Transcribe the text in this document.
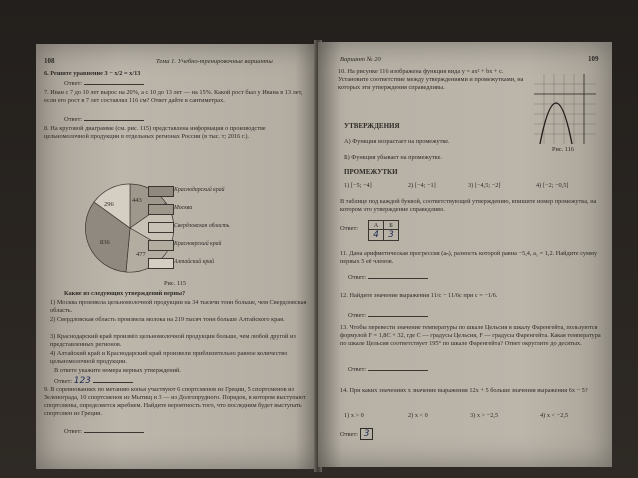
108	Тема 1. Учебно-тренировочные варианты
6. Решите уравнение 3 − x/2 = x/13
Ответ:
7. Иван с 7 до 10 лет вырос на 20%, а с 10 до 13 лет — на 15%. Какой рост был у Ивана в 13 лет, если его рост в 7 лет составлял 116 см? Ответ дайте в сантиметрах.
Ответ:
8. На круговой диаграмме (см. рис. 115) представлена информация о производстве цельномолочной продукции в отдельных регионах России (в тыс. т; 2016 г.).
296
443
836
477
Краснодарский край
Москва
Свердловская область
Красноярский край
Алтайский край
Рис. 115
Какие из следующих утверждений верны?
1) Москва произвела цельномолочной продукции на 34 тысячи тонн больше, чем Свердловская область.
2) Свердловская область произвела молока на 219 тысяч тонн больше Алтайского края.
3) Краснодарский край произвёл цельномолочной продукции больше, чем любой другой из представленных регионов.
4) Алтайский край и Краснодарский край произвели приблизительно равное количество цельномолочной продукции.
В ответе укажите номера верных утверждений.
Ответ: 123
9. В соревнованиях по метанию копья участвуют 6 спортсменов из Греции, 5 спортсменов из Зеленограда, 10 спортсменов из Мытищ и 3 — из Долгопрудного. Порядок, в котором выступают спортсмены, определяется жребием. Найдите вероятность того, что последним будет выступать спортсмен из Греции.
Ответ:
Вариант № 20	109
10. На рисунке 116 изображена функция вида y = ax² + bx + c. Установите соответствие между утверждениями и промежутками, на которых эти утверждения справедливы.
Рис. 116
УТВЕРЖДЕНИЯ
А) Функция возрастает на промежутке.
Б) Функция убывает на промежутке.
ПРОМЕЖУТКИ
1) [−5; −4]	2) [−4; −1]	3) [−4,5; −2]	4) [−2; −0,5]
В таблице под каждой буквой, соответствующей утверждению, впишите номер промежутка, на котором это утверждение справедливо.
Ответ: А	Б
4	3
11. Дана арифметическая прогрессия (aₙ), разность которой равна −5,4, a₁ = 1,2. Найдите сумму первых 5 её членов.
Ответ:
12. Найдите значение выражения 11/c − 11/6c при c = −1/6.
Ответ:
13. Чтобы перевести значение температуры по шкале Цельсия в шкалу Фаренгейта, пользуются формулой F = 1,8C + 32, где C — градусы Цельсия, F — градусы Фаренгейта. Какая температура по шкале Цельсия соответствует 195° по шкале Фаренгейта? Ответ округлите до десятых.
Ответ:
14. При каких значениях x значение выражения 12x + 5 больше значения выражения 6x − 5?
1) x > 0	2) x < 0	3) x > −2,5	4) x < −2,5
Ответ: 3
